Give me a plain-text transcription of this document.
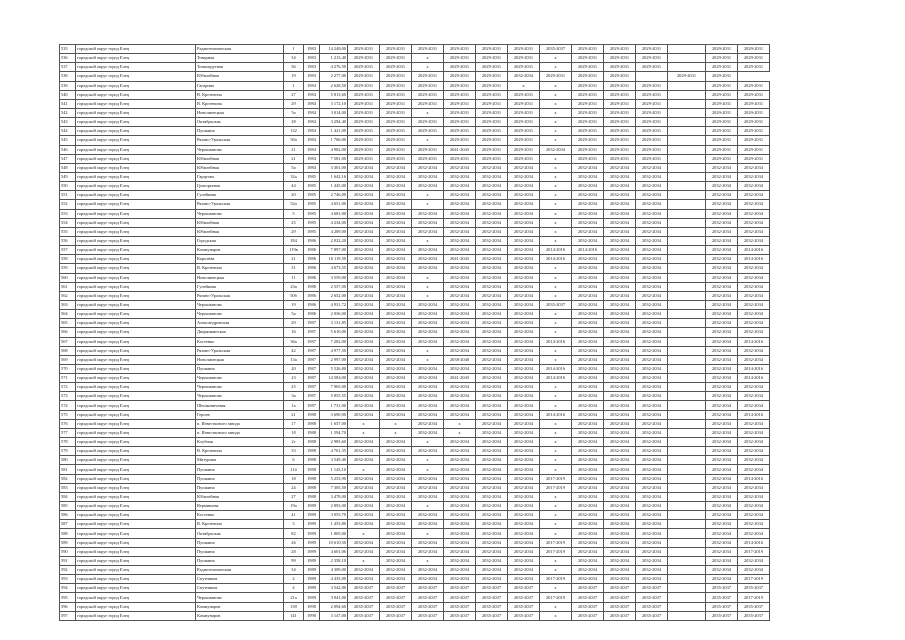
535	городской округ город Елец	Радиотехническая	1	1983	14 248,00	2029-2031	2029-2031	2029-2031	2029-2031	2029-2031	2029-2031	2035-2037	2029-2031	2029-2031	2029-2031		2029-2031	2029-2031
536	городской округ город Елец	Товарная	34	1983	1 213,40	2029-2031	2029-2031	x	2029-2031	2029-2031	2029-2031	x	2029-2031	2029-2031	2029-2031		2029-2031	2029-2031
537	городской округ город Елец	Тонкопрутная	36	1983	4 276,50	2029-2031	2029-2031	x	2029-2031	2029-2031	2029-2031	x	2029-2031	2029-2031	2029-2031		2029-2031	2029-2031
538	городской округ город Елец	Юбилейная	19	1983	2 277,00	2029-2031	2029-2031	2029-2031	2029-2031	2029-2031	2032-2034	2029-2031	2029-2031	2029-2031		2029-2031	2029-2031	
539	городской округ город Елец	Гагарина	1	1984	2 628,50	2029-2031	2029-2031	2029-2031	2029-2031	2029-2031	x	x	2029-2031	2029-2031	2029-2031		2029-2031	2029-2031
540	городской округ город Елец	В. Кротевича	27	1984	5 813,60	2029-2031	2029-2031	2029-2031	2029-2031	2029-2031	2029-2031	x	2029-2031	2029-2031	2029-2031		2029-2031	2029-2031
541	городской округ город Елец	В. Кротевича	29	1984	3 172,10	2029-2031	2029-2031	2029-2031	2029-2031	2029-2031	2029-2031	x	2029-2031	2029-2031	2029-2031		2029-2031	2029-2031
542	городской округ город Елец	Новолипецкая	5а	1984	3 014,00	2029-2031	2029-2031	x	2029-2031	2029-2031	2029-2031	x	2029-2031	2029-2031	2029-2031		2029-2031	2029-2031
543	городской округ город Елец	Октябрьская	28	1984	3 294,40	2029-2031	2029-2031	2029-2031	2029-2031	2029-2031	2029-2031	x	2029-2031	2029-2031	2029-2031		2029-2031	2029-2031
544	городской округ город Елец	Пушкина	132	1984	1 421,00	2029-2031	2029-2031	2029-2031	2029-2031	2029-2031	2029-2031	x	2029-2031	2029-2031	2029-2031		2029-2031	2029-2031
545	городской округ город Елец	Рязано-Уральская	50а	1984	1 766,00	2029-2031	2029-2031	x	2029-2031	2029-2031	2029-2031	x	2029-2031	2029-2031	2029-2031		2029-2031	2029-2031
546	городской округ город Елец	Черокманова	21	1984	4 982,00	2029-2031	2029-2031	2029-2031	2041-2043	2029-2031	2029-2031	2032-2034	2029-2031	2029-2031	2029-2031		2029-2031	2029-2031
547	городской округ город Елец	Юбилейная	21	1984	7 581,00	2029-2031	2029-2031	2029-2031	2029-2031	2029-2031	2029-2031	x	2029-2031	2029-2031	2029-2031		2029-2031	2029-2031
548	городской округ город Елец	Юбилейная	5а	1984	3 301,00	2032-2034	2032-2034	2032-2034	2032-2034	2032-2034	2032-2034	x	2032-2034	2032-2034	2032-2034		2032-2034	2032-2034
549	городской округ город Елец	Гарцгова	32а	1985	1 642,16	2032-2034	2032-2034	2032-2034	2032-2034	2032-2034	2032-2034	x	2032-2034	2032-2034	2032-2034		2032-2034	2032-2034
550	городской округ город Елец	Григорьевая	44	1985	1 445,00	2032-2034	2032-2034	2032-2034	2032-2034	2032-2034	2032-2034	x	2032-2034	2032-2034	2032-2034		2032-2034	2032-2034
551	городской округ город Елец	Гулейкова	20	1985	2 746,00	2032-2034	2032-2034	x	2032-2034	2032-2034	2032-2034	x	2032-2034	2032-2034	2032-2034		2032-2034	2032-2034
552	городской округ город Елец	Рязано-Уральская	52а	1985	4 651,00	2032-2034	2032-2034	x	2032-2034	2032-2034	2032-2034	x	2032-2034	2032-2034	2032-2034		2032-2034	2032-2034
553	городской округ город Елец	Черокманова	5	1985	4 681,00	2032-2034	2032-2034	2032-2034	2032-2034	2032-2034	2032-2034	x	2032-2034	2032-2034	2032-2034		2032-2034	2032-2034
554	городской округ город Елец	Юбилейная	25	1985	4 234,00	2032-2034	2032-2034	2032-2034	2032-2034	2032-2034	2032-2034	x	2032-2034	2032-2034	2032-2034		2032-2034	2032-2034
555	городской округ город Елец	Юбилейная	29	1985	4 209,00	2032-2034	2032-2034	2032-2034	2032-2034	2032-2034	2032-2034	x	2032-2034	2032-2034	2032-2034		2032-2034	2032-2034
556	городской округ город Елец	Городская	184	1986	2 022,20	2032-2034	2032-2034	x	2032-2034	2032-2034	2032-2034	x	2032-2034	2032-2034	2032-2034		2032-2034	2032-2034
557	городской округ город Елец	Коммунаров	119в	1986	7 897,00	2032-2034	2032-2034	2032-2034	2032-2034	2032-2034	2032-2034	2014-2016	2014-2016	2032-2034	2032-2034		2032-2034	2014-2016
558	городской округ город Елец	Королёва	21	1986	16 119,50	2032-2034	2032-2034	2032-2034	2041-2043	2032-2034	2032-2034	2014-2016	2032-2034	2032-2034	2032-2034		2032-2034	2014-2016
559	городской округ город Елец	В. Кротевича	31	1986	4 673,55	2032-2034	2032-2034	2032-2034	2032-2034	2032-2034	2032-2034	x	2032-2034	2032-2034	2032-2034		2032-2034	2032-2034
560	городской округ город Елец	Новолипецкая	11	1986	3 559,00	2032-2034	2032-2034	x	2032-2034	2032-2034	2032-2034	x	2032-2034	2032-2034	2032-2034		2032-2034	2032-2034
561	городской округ город Елец	Гулейкова	23а	1986	2 557,00	2032-2034	2032-2034	x	2032-2034	2032-2034	2032-2034	x	2032-2034	2032-2034	2032-2034		2032-2034	2032-2034
562	городской округ город Елец	Рязано-Уральская	50б	1986	2 652,00	2032-2034	2032-2034	x	2032-2034	2032-2034	2032-2034	x	2032-2034	2032-2034	2032-2034		2032-2034	2032-2034
563	городской округ город Елец	Черокманова	19	1986	4 931,72	2032-2034	2032-2034	2032-2034	2032-2034	2032-2034	2032-2034	2035-2037	2032-2034	2032-2034	2032-2034		2032-2034	2032-2034
564	городской округ город Елец	Черокманова	5а	1986	2 036,00	2032-2034	2032-2034	2032-2034	2032-2034	2032-2034	2032-2034	x	2032-2034	2032-2034	2032-2034		2032-2034	2032-2034
565	городской округ город Елец	Александровская	29	1987	3 131,85	2032-2034	2032-2034	2032-2034	2032-2034	2032-2034	2032-2034	x	2032-2034	2032-2034	2032-2034		2032-2034	2032-2034
566	городской округ город Елец	Дворянкинская	16	1987	5 610,00	2032-2034	2032-2034	2032-2034	2032-2034	2032-2034	2032-2034	x	2032-2034	2032-2034	2032-2034		2032-2034	2032-2034
567	городской округ город Елец	Костенко	36а	1987	7 282,00	2032-2034	2032-2034	2032-2034	2032-2034	2032-2034	2032-2034	2014-2016	2032-2034	2032-2034	2032-2034		2032-2034	2014-2016
568	городской округ город Елец	Рязано-Уральская	42	1987	4 977,50	2032-2034	2032-2034	x	2032-2034	2032-2034	2032-2034	x	2032-2034	2032-2034	2032-2034		2032-2034	2032-2034
569	городской округ город Елец	Новолипецкая	13а	1987	2 997,00	2032-2034	2032-2034	x	2038-2040	2032-2034	2032-2034	x	2032-2034	2032-2034	2032-2034		2032-2034	2032-2034
570	городской округ город Елец	Пушкина	20	1987	5 526,80	2032-2034	2032-2034	2032-2034	2032-2034	2032-2034	2032-2034	2014-2016	2032-2034	2032-2034	2032-2034		2032-2034	2014-2016
571	городской округ город Елец	Черокманова	23	1987	14 584,00	2032-2034	2032-2034	2032-2034	2041-2043	2032-2034	2032-2034	2014-2016	2032-2034	2032-2034	2032-2034		2032-2034	2014-2016
572	городской округ город Елец	Черокманова	25	1987	7 965,00	2032-2034	2032-2034	2032-2034	2032-2034	2032-2034	2032-2034	x	2032-2034	2032-2034	2032-2034		2032-2034	2032-2034
573	городской округ город Елец	Черокманова	3а	1987	5 855,55	2032-2034	2032-2034	2032-2034	2032-2034	2032-2034	2032-2034	x	2032-2034	2032-2034	2032-2034		2032-2034	2032-2034
574	городской округ город Елец	Шешковичевая	1а	1987	1 731,00	2032-2034	2032-2034	2032-2034	2032-2034	2032-2034	2032-2034	x	2032-2034	2032-2034	2032-2034		2032-2034	2032-2034
575	городской округ город Елец	Героев	21	1988	3 690,00	2032-2034	2032-2034	2032-2034	2032-2034	2032-2034	2032-2034	2014-2016	2032-2034	2032-2034	2032-2034		2032-2034	2014-2016
576	городской округ город Елец	п. Известкового завода	17	1988	1 657,00	x	x	2032-2034	x	2032-2034	2032-2034	x	2032-2034	2032-2034	2032-2034		2032-2034	2032-2034
577	городской округ город Елец	п. Известкового завода	18	1988	1 594,70	x	x	2032-2034	x	2032-2034	2032-2034	x	2032-2034	2032-2034	2032-2034		2032-2034	2032-2034
578	городской округ город Елец	Клубная	2г	1988	2 983,60	2032-2034	2032-2034	x	2032-2034	2032-2034	2032-2034	x	2032-2034	2032-2034	2032-2034		2032-2034	2032-2034
579	городской округ город Елец	В. Кротевича	33	1988	4 761,35	2032-2034	2032-2034	2032-2034	2032-2034	2032-2034	2032-2034	x	2032-2034	2032-2034	2032-2034		2032-2034	2032-2034
580	городской округ город Елец	Митурина	6	1988	3 549,40	2032-2034	2032-2034	x	2032-2034	2032-2034	2032-2034	x	2032-2034	2032-2034	2032-2034		2032-2034	2032-2034
581	городской округ город Елец	Пушкина	114	1988	1 143,10	x	2032-2034	x	2032-2034	2032-2034	2032-2034	x	2032-2034	2032-2034	2032-2034		2032-2034	2032-2034
582	городской округ город Елец	Пушкина	18	1988	5 253,90	2032-2034	2032-2034	2032-2034	2032-2034	2032-2034	2032-2034	2017-2019	2032-2034	2032-2034	2032-2034		2032-2034	2014-2016
583	городской округ город Елец	Пушкина	24	1988	7 305,50	2032-2034	2032-2034	2032-2034	2032-2034	2032-2034	2032-2034	2017-2019	2032-2034	2032-2034	2032-2034		2032-2034	2032-2034
584	городской округ город Елец	Юбилейная	27	1988	3 478,00	2032-2034	2032-2034	2032-2034	2032-2034	2032-2034	2032-2034	x	2032-2034	2032-2034	2032-2034		2032-2034	2032-2034
585	городской округ город Елец	Вермишева	19а	1989	2 893,00	2032-2034	2032-2034	x	2032-2034	2032-2034	2032-2034	x	2032-2034	2032-2034	2032-2034		2032-2034	2032-2034
586	городской округ город Елец	Костенко	41	1989	3 055,70	2032-2034	2032-2034	2032-2034	2032-2034	2032-2034	2032-2034	x	2032-2034	2032-2034	2032-2034		2032-2034	2032-2034
587	городской округ город Елец	В. Кротевича	3	1989	1 453,80	2032-2034	2032-2034	2032-2034	2032-2034	2032-2034	2032-2034	x	2032-2034	2032-2034	2032-2034		2032-2034	2032-2034
588	городской округ город Елец	Октябрьская	82	1989	1 805,00	x	2032-2034	x	2032-2034	2032-2034	2032-2034	x	2032-2034	2032-2034	2032-2034		2032-2034	2032-2034
589	городской округ город Елец	Пушкина	26	1989	10 610,50	2032-2034	2032-2034	2032-2034	2032-2034	2032-2034	2032-2034	2017-2019	2032-2034	2032-2034	2032-2034		2032-2034	2014-2016
590	городской округ город Елец	Пушкина	28	1989	4 601,06	2032-2034	2032-2034	2032-2034	2032-2034	2032-2034	2032-2034	2017-2019	2032-2034	2032-2034	2032-2034		2032-2034	2017-2019
591	городской округ город Елец	Пушкина	99	1989	2 358,10	x	2032-2034	x	2032-2034	2032-2034	2032-2034	x	2032-2034	2032-2034	2032-2034		2032-2034	2032-2034
592	городской округ город Елец	Радиотехническая	34	1989	4 309,00	2032-2034	2032-2034	2032-2034	2032-2034	2032-2034	2032-2034	x	2032-2034	2032-2034	2032-2034		2032-2034	2032-2034
593	городской округ город Елец	Спутников	2	1989	4 435,00	2032-2034	2032-2034	2032-2034	2032-2034	2032-2034	2032-2034	2017-2019	2032-2034	2032-2034	2032-2034		2032-2034	2017-2019
594	городской округ город Елец	Спутников	4	1989	3 542,00	2035-2037	2035-2037	2035-2037	2035-2037	2035-2037	2035-2037	x	2035-2037	2035-2037	2035-2037		2035-2037	2035-2037
595	городской округ город Елец	Черокманова	21а	1989	3 941,00	2035-2037	2035-2037	2035-2037	2035-2037	2035-2037	2035-2037	2017-2019	2035-2037	2035-2037	2035-2037		2035-2037	2017-2019
596	городской округ город Елец	Коммунаров	139	1990	2 094,60	2035-2037	2035-2037	2035-2037	2035-2037	2035-2037	2035-2037	x	2035-2037	2035-2037	2035-2037		2035-2037	2035-2037
597	городской округ город Елец	Коммунаров	141	1990	3 147,00	2035-2037	2035-2037	2035-2037	2035-2037	2035-2037	2035-2037	x	2035-2037	2035-2037	2035-2037		2035-2037	2035-2037
